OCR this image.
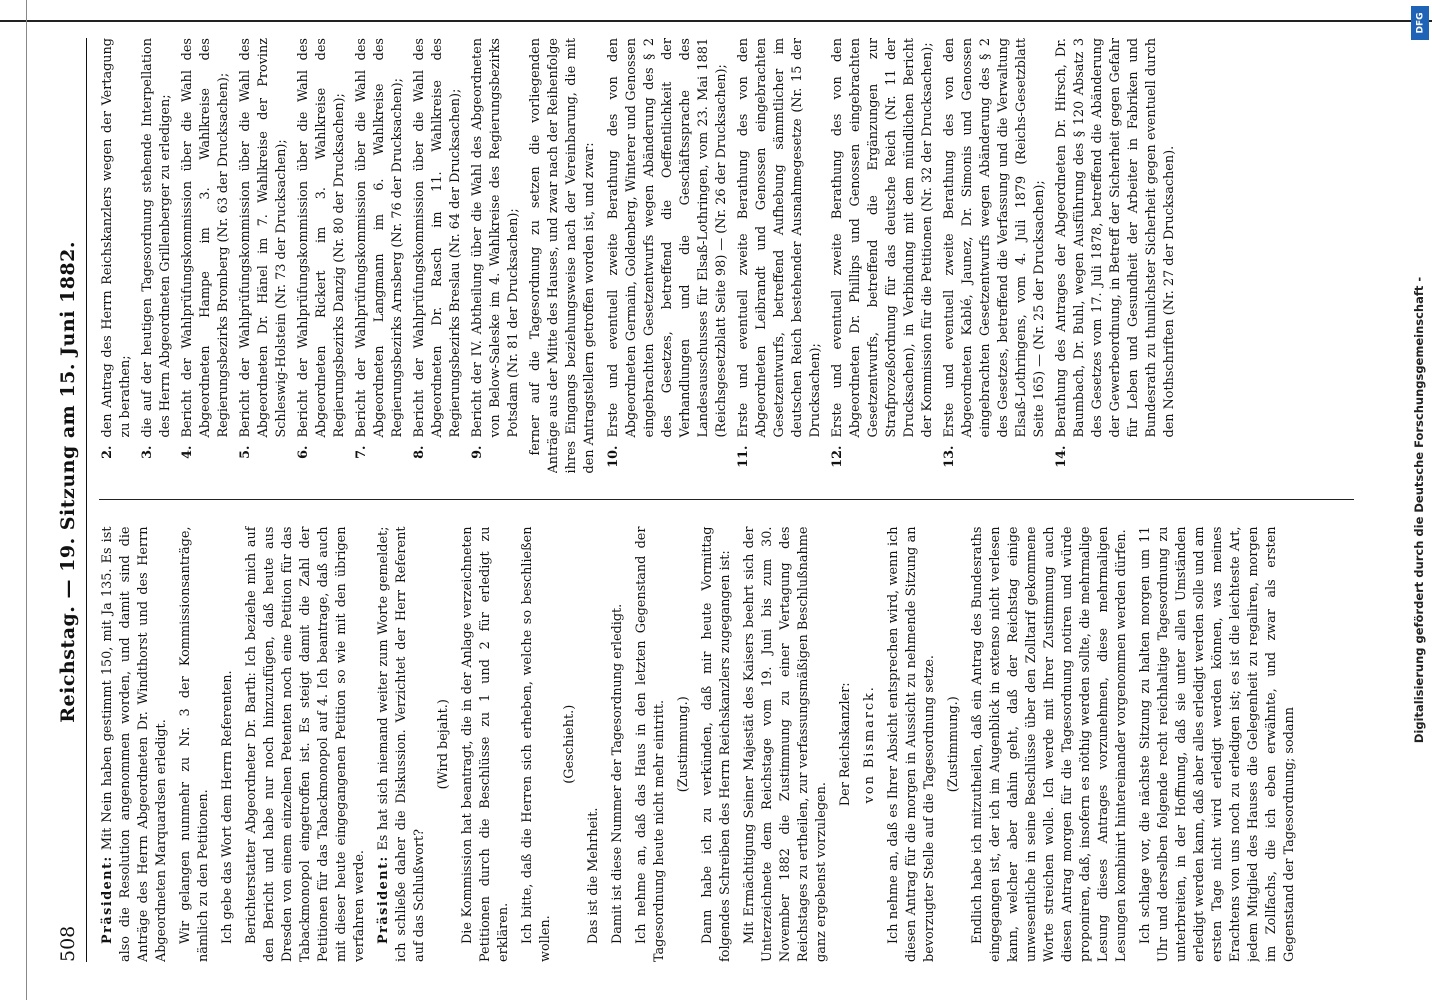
508
Reichstag. — 19. Sitzung am 15. Juni 1882.

Präsident: Mit Nein haben gestimmt 150, mit Ja 135. Es ist also die Resolution angenommen worden, und damit sind die Anträge des Herrn Abgeordneten Dr. Windthorst und des Herrn Abgeordneten Marquardsen erledigt. Wir gelangen nunmehr zu Nr. 3 der Kommissionsanträge, nämlich zu den Petitionen. Ich gebe das Wort dem Herrn Referenten. Berichterstatter Abgeordneter Dr. Barth: Ich beziehe mich auf den Bericht und habe nur noch hinzuzufügen, daß heute aus Dresden von einem einzelnen Petenten noch eine Petition für das Tabackmonopol eingetroffen ist. Es steigt damit die Zahl der Petitionen für das Tabackmonopol auf 4. Ich beantrage, daß auch mit dieser heute eingegangenen Petition so wie mit den übrigen verfahren werde. Präsident: Es hat sich niemand weiter zum Worte gemeldet; ich schließe daher die Diskussion. Verzichtet der Herr Referent auf das Schlußwort?

(Wird bejaht.) Die Kommission hat beantragt, die in der Anlage verzeichneten Petitionen durch die Beschlüsse zu 1 und 2 für erledigt zu erklären. Ich bitte, daß die Herren sich erheben, welche so beschließen wollen.

(Geschieht.)

Das ist die Mehrheit. Damit ist diese Nummer der Tagesordnung erledigt. Ich nehme an, daß das Haus in den letzten Gegenstand der Tagesordnung heute nicht mehr eintritt. (Zustimmung.) Dann habe ich zu verkünden, daß mir heute Vormittag folgendes Schreiben des Herrn Reichskanzlers zugegangen ist: Mit Ermächtigung Seiner Majestät des Kaisers beehrt sich der Unterzeichnete dem Reichstage vom 19. Juni bis zum 30. November 1882 die Zustimmung zu einer Vertagung des Reichstages zu ertheilen, zur verfassungsmäßigen Beschlußnahme ganz ergebenst vorzulegen.

Der Reichskanzler: von Bismarck. Ich nehme an, daß es Ihrer Absicht entsprechen wird, wenn ich diesen Antrag für die morgen in Aussicht zu nehmende Sitzung an bevorzugter Stelle auf die Tagesordnung setze. (Zustimmung.) Endlich habe ich mitzutheilen, daß ein Antrag des Bundesraths eingegangen ist, der ich im Augenblick in extenso nicht verlesen kann, welcher aber dahin geht, daß der Reichstag einige unwesentliche in seine Beschlüsse über den Zolltarif gekommene Worte streichen wolle. Ich werde mit Ihrer Zustimmung auch diesen Antrag morgen für die Tagesordnung notiren und würde proponiren, daß, insofern es nöthig werden sollte, die mehrmalige Lesung dieses Antrages vorzunehmen, diese mehrmaligen Lesungen kombinirt hintereinander vorgenommen werden dürfen. Ich schlage vor, die nächste Sitzung zu halten morgen um 11 Uhr und derselben folgende recht reichhaltige Tagesordnung zu unterbreiten, in der Hoffnung, daß sie unter allen Umständen erledigt werden kann, daß aber alles erledigt werden solle und am ersten Tage nicht wird erledigt werden können, was meines Erachtens von uns noch zu erledigen ist; es ist die leichteste Art, jedem Mitglied des Hauses die Gelegenheit zu regaliren, morgen im Zollfachs, die ich eben erwähnte, und zwar als ersten Gegenstand der Tagesordnung; sodann

2.
den Antrag des Herrn Reichskanzlers wegen der Vertagung zu berathen;
3.
die auf der heutigen Tagesordnung stehende Interpellation des Herrn Abgeordneten Grillenberger zu erledigen;
4.
Bericht der Wahlprüfungskommission über die Wahl des Abgeordneten Hampe im 3. Wahlkreise des Regierungsbezirks Bromberg (Nr. 63 der Drucksachen);
5.
Bericht der Wahlprüfungskommission über die Wahl des Abgeordneten Dr. Hänel im 7. Wahlkreise der Provinz Schleswig-Holstein (Nr. 73 der Drucksachen);
6.
Bericht der Wahlprüfungskommission über die Wahl des Abgeordneten Rickert im 3. Wahlkreise des Regierungsbezirks Danzig (Nr. 80 der Drucksachen);
7.
Bericht der Wahlprüfungskommission über die Wahl des Abgeordneten Langmann im 6. Wahlkreise des Regierungsbezirks Arnsberg (Nr. 76 der Drucksachen);
8.
Bericht der Wahlprüfungskommission über die Wahl des Abgeordneten Dr. Rasch im 11. Wahlkreise des Regierungsbezirks Breslau (Nr. 64 der Drucksachen);
9.
Bericht der IV. Abtheilung über die Wahl des Abgeordneten von Below-Saleske im 4. Wahlkreise des Regierungsbezirks Potsdam (Nr. 81 der Drucksachen); ferner auf die Tagesordnung zu setzen die vorliegenden Anträge aus der Mitte des Hauses, und zwar nach der Reihenfolge ihres Eingangs beziehungsweise nach der Vereinbarung, die mit den Antragstellern getroffen worden ist, und zwar: 10.
Erste und eventuell zweite Berathung des von den Abgeordneten Germain, Goldenberg, Winterer und Genossen eingebrachten Gesetzentwurfs wegen Abänderung des § 2 des Gesetzes, betreffend die Oeffentlichkeit der Verhandlungen und die Geschäftssprache des Landesausschusses für Elsaß-Lothringen, vom 23. Mai 1881 (Reichsgesetzblatt Seite 98) — (Nr. 26 der Drucksachen);
11.
Erste und eventuell zweite Berathung des von den Abgeordneten Leibrandt und Genossen eingebrachten Gesetzentwurfs, betreffend Aufhebung sämmtlicher im deutschen Reich bestehender Ausnahmegesetze (Nr. 15 der Drucksachen);
12.
Erste und eventuell zweite Berathung des von den Abgeordneten Dr. Phillips und Genossen eingebrachten Gesetzentwurfs, betreffend die Ergänzungen zur Strafprozeßordnung für das deutsche Reich (Nr. 11 der Drucksachen), in Verbindung mit dem mündlichen Bericht der Kommission für die Petitionen (Nr. 32 der Drucksachen);
13.
Erste und eventuell zweite Berathung des von den Abgeordneten Kablé, Jaunez, Dr. Simonis und Genossen eingebrachten Gesetzentwurfs wegen Abänderung des § 2 des Gesetzes, betreffend die Verfassung und die Verwaltung Elsaß-Lothringens, vom 4. Juli 1879 (Reichs-Gesetzblatt Seite 165) — (Nr. 25 der Drucksachen);
14.
Berathung des Antrages der Abgeordneten Dr. Hirsch, Dr. Baumbach, Dr. Buhl, wegen Ausführung des § 120 Absatz 3 des Gesetzes vom 17. Juli 1878, betreffend die Abänderung der Gewerbeordnung, in Betreff der Sicherheit gegen Gefahr für Leben und Gesundheit der Arbeiter in Fabriken und Bundesrath zu thunlichster Sicherheit gegen eventuell durch den Nothschriften (Nr. 27 der Drucksachen).	Digitalisierung gefördert durch die Deutsche Forschungsgemeinschaft -
DFG
